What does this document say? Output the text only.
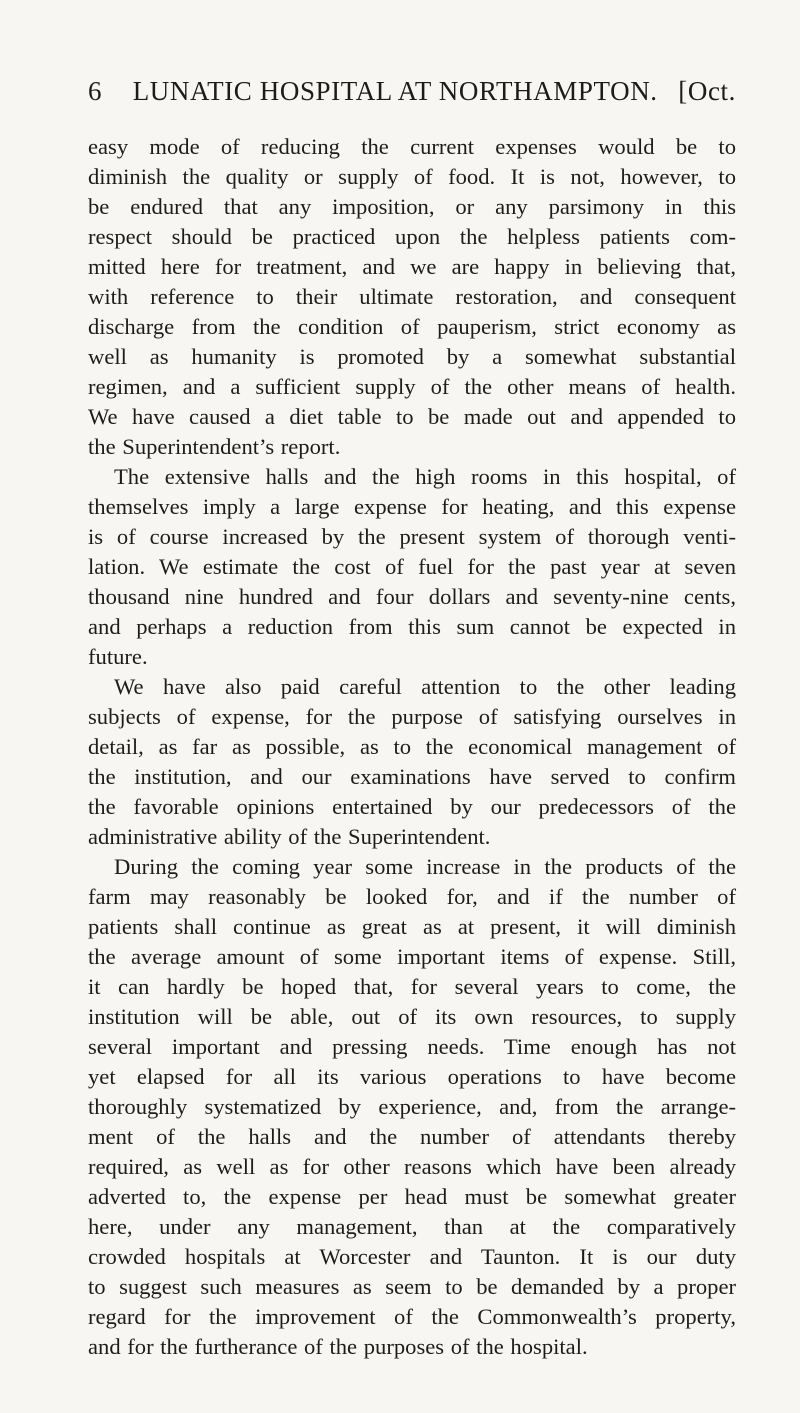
6	LUNATIC HOSPITAL AT NORTHAMPTON. [Oct.
easy mode of reducing the current expenses would be to
diminish the quality or supply of food. It is not, however, to
be endured that any imposition, or any parsimony in this
respect should be practiced upon the helpless patients com-
mitted here for treatment, and we are happy in believing that,
with reference to their ultimate restoration, and consequent
discharge from the condition of pauperism, strict economy as
well as humanity is promoted by a somewhat substantial
regimen, and a sufficient supply of the other means of health.
We have caused a diet table to be made out and appended to
the Superintendent’s report.
The extensive halls and the high rooms in this hospital, of
themselves imply a large expense for heating, and this expense
is of course increased by the present system of thorough venti-
lation. We estimate the cost of fuel for the past year at seven
thousand nine hundred and four dollars and seventy-nine cents,
and perhaps a reduction from this sum cannot be expected in
future.
We have also paid careful attention to the other leading
subjects of expense, for the purpose of satisfying ourselves in
detail, as far as possible, as to the economical management of
the institution, and our examinations have served to confirm
the favorable opinions entertained by our predecessors of the
administrative ability of the Superintendent.
During the coming year some increase in the products of the
farm may reasonably be looked for, and if the number of
patients shall continue as great as at present, it will diminish
the average amount of some important items of expense. Still,
it can hardly be hoped that, for several years to come, the
institution will be able, out of its own resources, to supply
several important and pressing needs. Time enough has not
yet elapsed for all its various operations to have become
thoroughly systematized by experience, and, from the arrange-
ment of the halls and the number of attendants thereby
required, as well as for other reasons which have been already
adverted to, the expense per head must be somewhat greater
here, under any management, than at the comparatively
crowded hospitals at Worcester and Taunton. It is our duty
to suggest such measures as seem to be demanded by a proper
regard for the improvement of the Commonwealth’s property,
and for the furtherance of the purposes of the hospital.
